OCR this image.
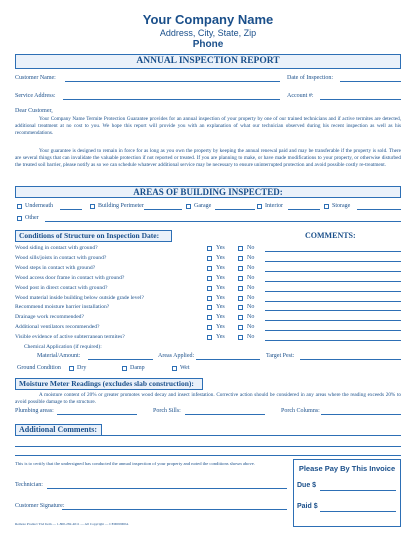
Your Company Name
Address, City, State, Zip
Phone
ANNUAL INSPECTION REPORT
Customer Name:	Date of Inspection:
Service Address:	Account #:
Dear Customer,
Your Company Name Termite Protection Guarantee provides for an annual inspection of your property by one of our trained technicians and if active termites are detected, additional treatment at no cost to you. We hope this report will provide you with an explanation of what our technician observed during his recent inspection as well as his recommendations.
Your guarantee is designed to remain in force for as long as you own the property by keeping the annual renewal paid and may be transferable if the property is sold. There are several things that can invalidate the valuable protection if not reported or treated. If you are planning to make, or have made modifications to your property, or otherwise disturbed the treated soil barrier, please notify as so we can schedule whatever additional service may be necessary to ensure uninterrupted protection and avoid possible costly re-treatment.
AREAS OF BUILDING INSPECTED:
Underneath	Building Perimeter	Garage	Interior	Storage
Other
Conditions of Structure on Inspection Date:	COMMENTS:
Wood siding in contact with ground?	Yes	No
Wood sills/joists in contact with ground?	Yes	No
Wood steps in contact with ground?	Yes	No
Wood access door frame in contact with ground?	Yes	No
Wood post in direct contact with ground?	Yes	No
Wood material inside building below outside grade level?	Yes	No
Recommend moisture barrier installation?	Yes	No
Drainage work recommended?	Yes	No
Additional ventilators recommended?	Yes	No
Visible evidence of active subterranean termites?	Yes	No
Chemical Application (if required):
Material/Amount:	Areas Applied:	Target Pest:
Ground Condition	Dry	Damp	Wet
Moisture Meter Readings (excludes slab construction):
A moisture content of 20% or greater promotes wood decay and insect infestation. Corrective action should be considered in any areas where the reading exceeds 20% to avoid possible damage to the structure.
Plumbing areas:	Porch Sills:	Porch Columns:
Additional Comments:
This is to certify that the undersigned has conducted the annual inspection of your property and noted the conditions shown above.
Technician:
Customer Signature:
Please Pay By This Invoice
Due $
Paid $
Remote Product TGI Item — 1-800-282-4011 — All Copyright — CE0000000A
